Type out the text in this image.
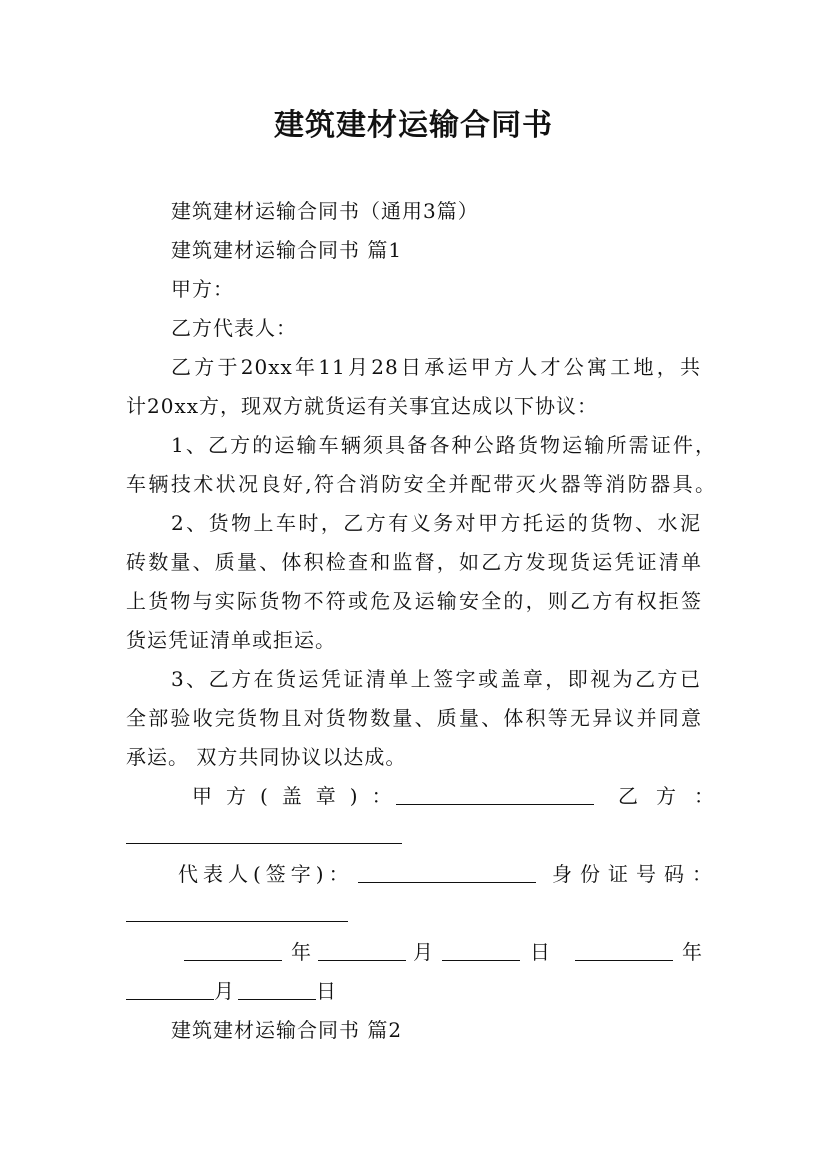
建筑建材运输合同书
建筑建材运输合同书（通用3篇）
建筑建材运输合同书 篇1
甲方：
乙方代表人：
乙方于20xx年11月28日承运甲方人才公寓工地，共
计20xx方，现双方就货运有关事宜达成以下协议：
1、乙方的运输车辆须具备各种公路货物运输所需证件，
车辆技术状况良好,符合消防安全并配带灭火器等消防器具。
2、货物上车时，乙方有义务对甲方托运的货物、水泥
砖数量、质量、体积检查和监督，如乙方发现货运凭证清单
上货物与实际货物不符或危及运输安全的，则乙方有权拒签
货运凭证清单或拒运。
3、乙方在货运凭证清单上签字或盖章，即视为乙方已
全部验收完货物且对货物数量、质量、体积等无异议并同意
承运。 双方共同协议以达成。
甲方(盖章)：	乙方：
代表人(签字)：	身份证号码：
年	月	日	年
月	日
建筑建材运输合同书 篇2
